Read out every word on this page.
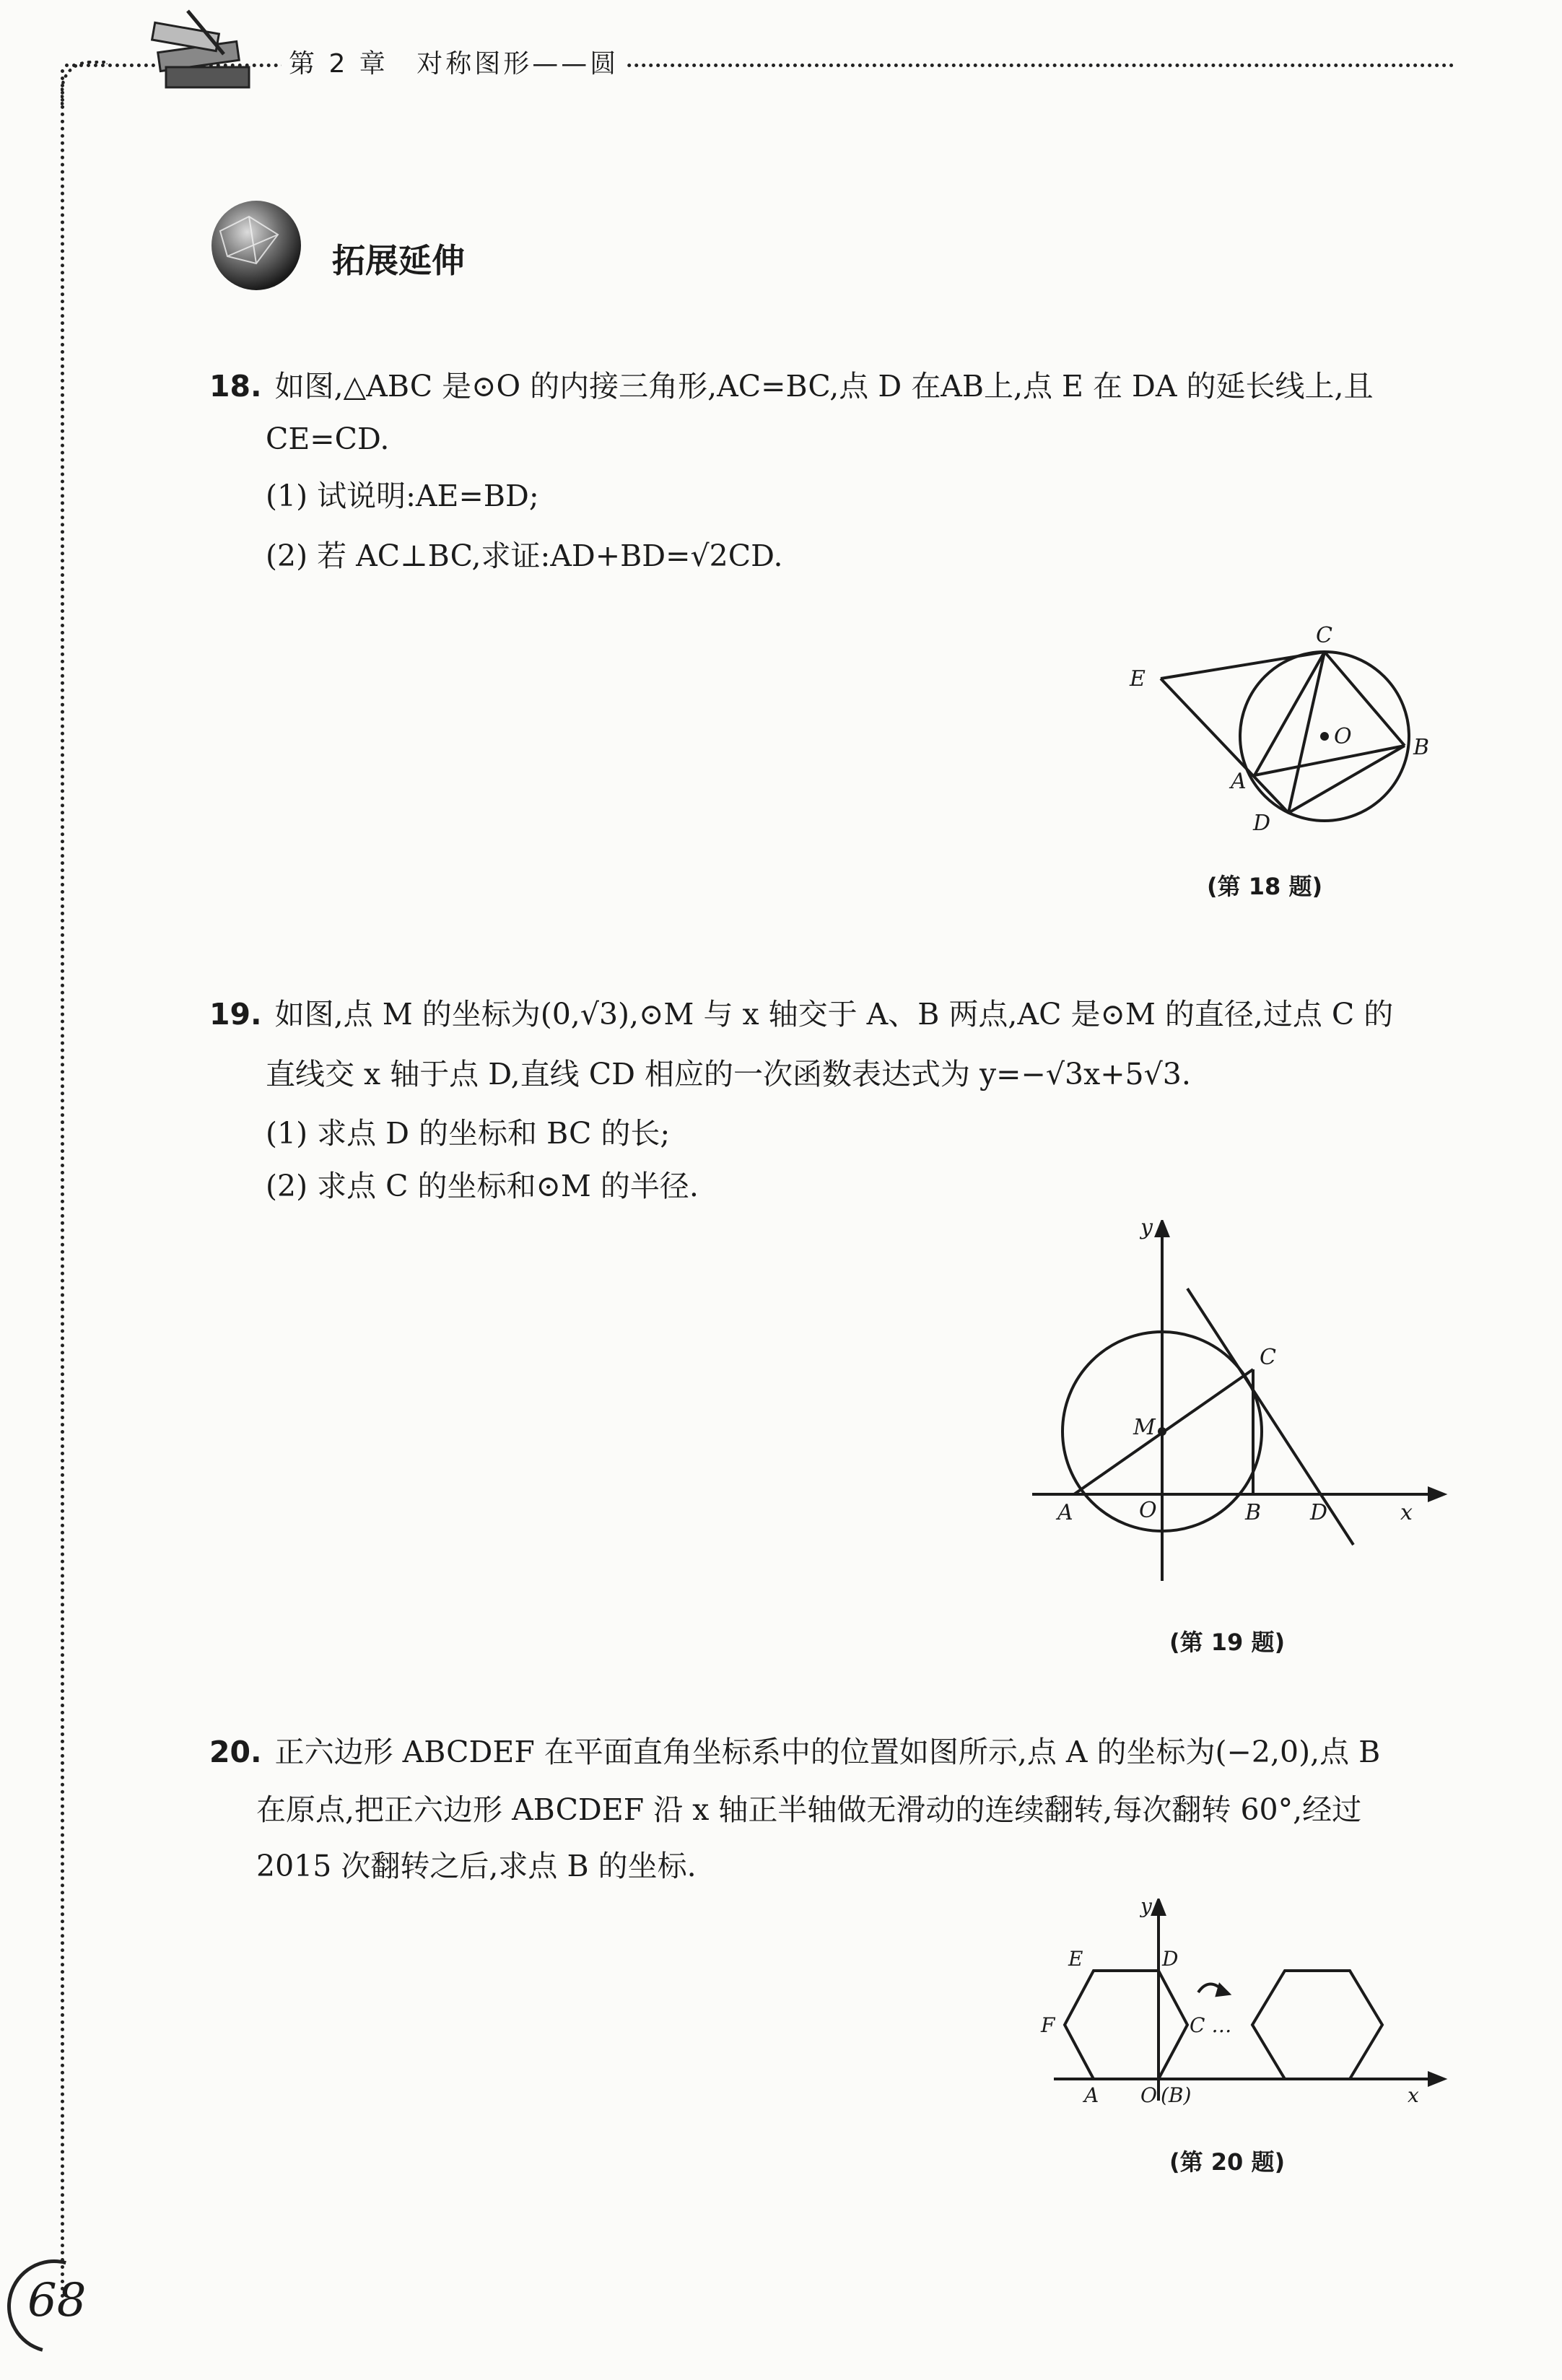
第 2 章 对称图形——圆
拓展延伸
18. 如图,△ABC 是⊙O 的内接三角形,AC=BC,点 D 在AB上,点 E 在 DA 的延长线上,且
CE=CD.
(1) 试说明:AE=BD;
(2) 若 AC⊥BC,求证:AD+BD=√2CD.
C
E
O	B
A
D
(第 18 题)
19. 如图,点 M 的坐标为(0,√3),⊙M 与 x 轴交于 A、B 两点,AC 是⊙M 的直径,过点 C 的
直线交 x 轴于点 D,直线 CD 相应的一次函数表达式为 y=−√3x+5√3.
(1) 求点 D 的坐标和 BC 的长;
(2) 求点 C 的坐标和⊙M 的半径.
y
C
M
A	O	B D	x
(第 19 题)
20. 正六边形 ABCDEF 在平面直角坐标系中的位置如图所示,点 A 的坐标为(−2,0),点 B
在原点,把正六边形 ABCDEF 沿 x 轴正半轴做无滑动的连续翻转,每次翻转 60°,经过
2015 次翻转之后,求点 B 的坐标.
y
E	D
F	C …
A O (B)	x
(第 20 题)
68
